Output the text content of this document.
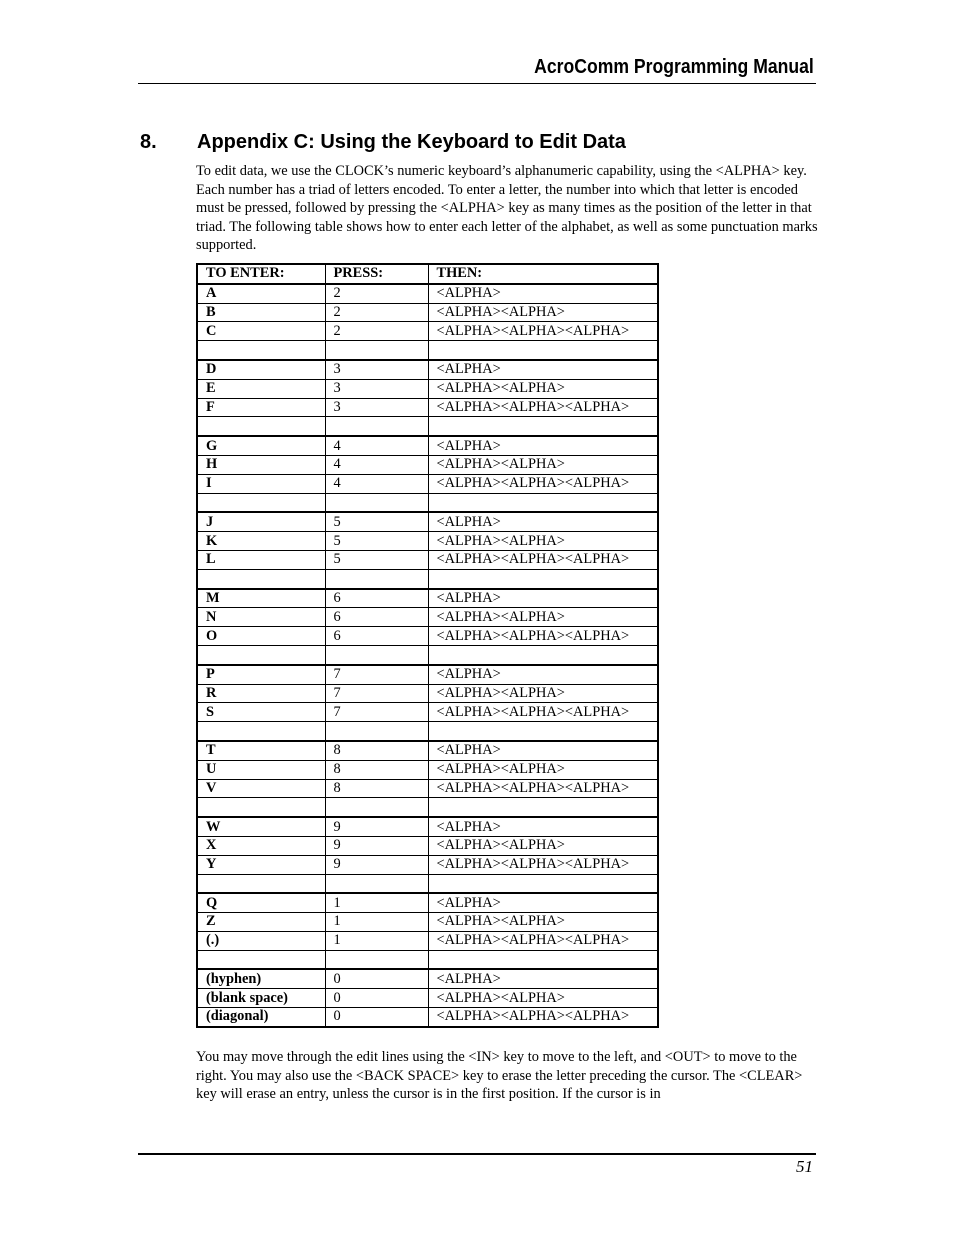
AcroComm Programming Manual
8. Appendix C: Using the Keyboard to Edit Data
To edit data, we use the CLOCK’s numeric keyboard’s alphanumeric capability, using the <ALPHA> key. Each number has a triad of letters encoded. To enter a letter, the number into which that letter is encoded must be pressed, followed by pressing the <ALPHA> key as many times as the position of the letter in that triad. The following table shows how to enter each letter of the alphabet, as well as some punctuation marks supported.
TO ENTER:	PRESS:	THEN:
A	2	<ALPHA>
B	2	<ALPHA><ALPHA>
C	2	<ALPHA><ALPHA><ALPHA>

D	3	<ALPHA>
E	3	<ALPHA><ALPHA>
F	3	<ALPHA><ALPHA><ALPHA>

G	4	<ALPHA>
H	4	<ALPHA><ALPHA>
I	4	<ALPHA><ALPHA><ALPHA>

J	5	<ALPHA>
K	5	<ALPHA><ALPHA>
L	5	<ALPHA><ALPHA><ALPHA>

M	6	<ALPHA>
N	6	<ALPHA><ALPHA>
O	6	<ALPHA><ALPHA><ALPHA>

P	7	<ALPHA>
R	7	<ALPHA><ALPHA>
S	7	<ALPHA><ALPHA><ALPHA>

T	8	<ALPHA>
U	8	<ALPHA><ALPHA>
V	8	<ALPHA><ALPHA><ALPHA>

W	9	<ALPHA>
X	9	<ALPHA><ALPHA>
Y	9	<ALPHA><ALPHA><ALPHA>

Q	1	<ALPHA>
Z	1	<ALPHA><ALPHA>
(.)	1	<ALPHA><ALPHA><ALPHA>

(hyphen)	0	<ALPHA>
(blank space)	0	<ALPHA><ALPHA>
(diagonal)	0	<ALPHA><ALPHA><ALPHA>
You may move through the edit lines using the <IN> key to move to the left, and <OUT> to move to the right. You may also use the <BACK SPACE> key to erase the letter preceding the cursor. The <CLEAR> key will erase an entry, unless the cursor is in the first position. If the cursor is in
51
